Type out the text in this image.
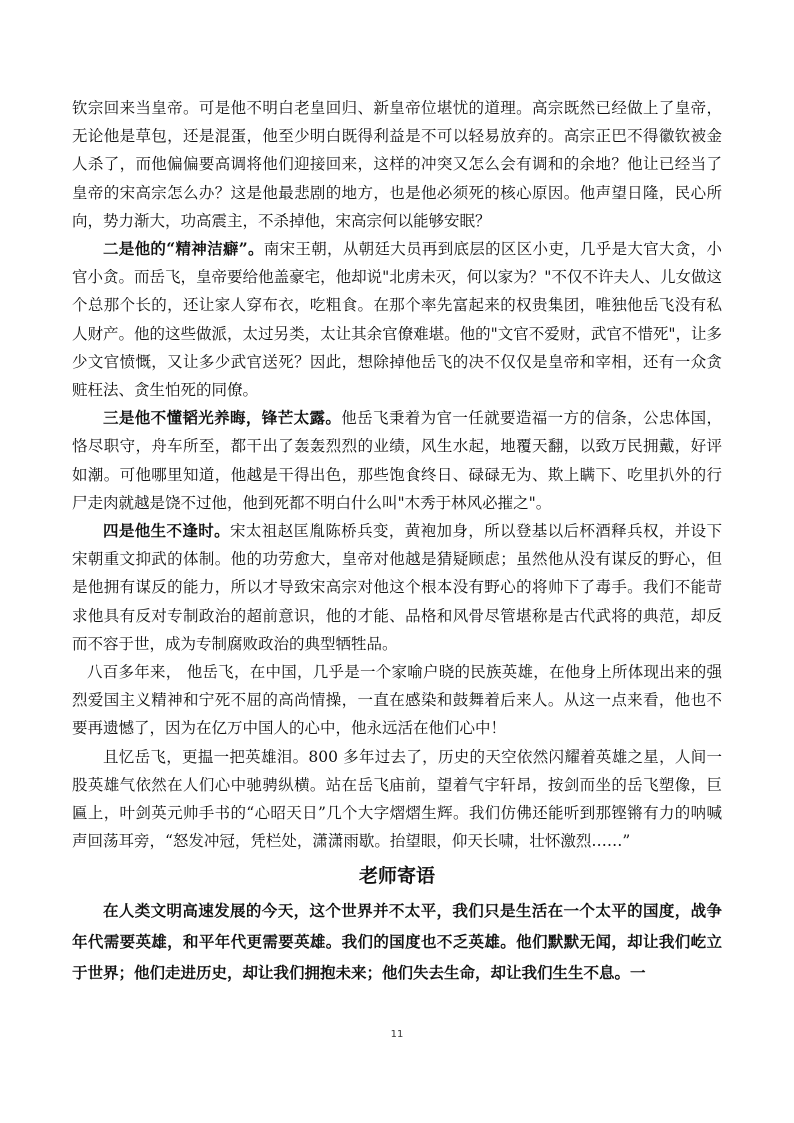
钦宗回来当皇帝。可是他不明白老皇回归、新皇帝位堪忧的道理。高宗既然已经做上了皇帝，无论他是草包，还是混蛋，他至少明白既得利益是不可以轻易放弃的。高宗正巴不得徽钦被金人杀了，而他偏偏要高调将他们迎接回来，这样的冲突又怎么会有调和的余地？他让已经当了皇帝的宋高宗怎么办？这是他最悲剧的地方，也是他必须死的核心原因。他声望日隆，民心所向，势力渐大，功高震主，不杀掉他，宋高宗何以能够安眠？

二是他的“精神洁癖”。南宋王朝，从朝廷大员再到底层的区区小吏，几乎是大官大贪，小官小贪。而岳飞，皇帝要给他盖豪宅，他却说"北虏未灭，何以家为？"不仅不许夫人、儿女做这个总那个长的，还让家人穿布衣，吃粗食。在那个率先富起来的权贵集团，唯独他岳飞没有私人财产。他的这些做派，太过另类，太让其余官僚难堪。他的"文官不爱财，武官不惜死"，让多少文官愤慨，又让多少武官送死？因此，想除掉他岳飞的决不仅仅是皇帝和宰相，还有一众贪赃枉法、贪生怕死的同僚。

三是他不懂韬光养晦，锋芒太露。他岳飞秉着为官一任就要造福一方的信条，公忠体国，恪尽职守，舟车所至，都干出了轰轰烈烈的业绩，风生水起，地覆天翻，以致万民拥戴，好评如潮。可他哪里知道，他越是干得出色，那些饱食终日、碌碌无为、欺上瞒下、吃里扒外的行尸走肉就越是饶不过他，他到死都不明白什么叫"木秀于林风必摧之"。

四是他生不逢时。宋太祖赵匡胤陈桥兵变，黄袍加身，所以登基以后杯酒释兵权，并设下宋朝重文抑武的体制。他的功劳愈大，皇帝对他越是猜疑顾虑；虽然他从没有谋反的野心，但是他拥有谋反的能力，所以才导致宋高宗对他这个根本没有野心的将帅下了毒手。我们不能苛求他具有反对专制政治的超前意识，他的才能、品格和风骨尽管堪称是古代武将的典范，却反而不容于世，成为专制腐败政治的典型牺牲品。

八百多年来， 他岳飞，在中国，几乎是一个家喻户晓的民族英雄，在他身上所体现出来的强烈爱国主义精神和宁死不屈的高尚情操，一直在感染和鼓舞着后来人。从这一点来看，他也不要再遗憾了，因为在亿万中国人的心中，他永远活在他们心中！

且忆岳飞，更揾一把英雄泪。800 多年过去了，历史的天空依然闪耀着英雄之星，人间一股英雄气依然在人们心中驰骋纵横。站在岳飞庙前，望着气宇轩昂，按剑而坐的岳飞塑像，巨匾上，叶剑英元帅手书的“心昭天日”几个大字熠熠生辉。我们仿佛还能听到那铿锵有力的呐喊声回荡耳旁，“怒发冲冠，凭栏处，潇潇雨歇。抬望眼，仰天长啸，壮怀激烈……”

老师寄语

在人类文明高速发展的今天，这个世界并不太平，我们只是生活在一个太平的国度，战争年代需要英雄，和平年代更需要英雄。我们的国度也不乏英雄。他们默默无闻，却让我们屹立于世界；他们走进历史，却让我们拥抱未来；他们失去生命，却让我们生生不息。一

11
